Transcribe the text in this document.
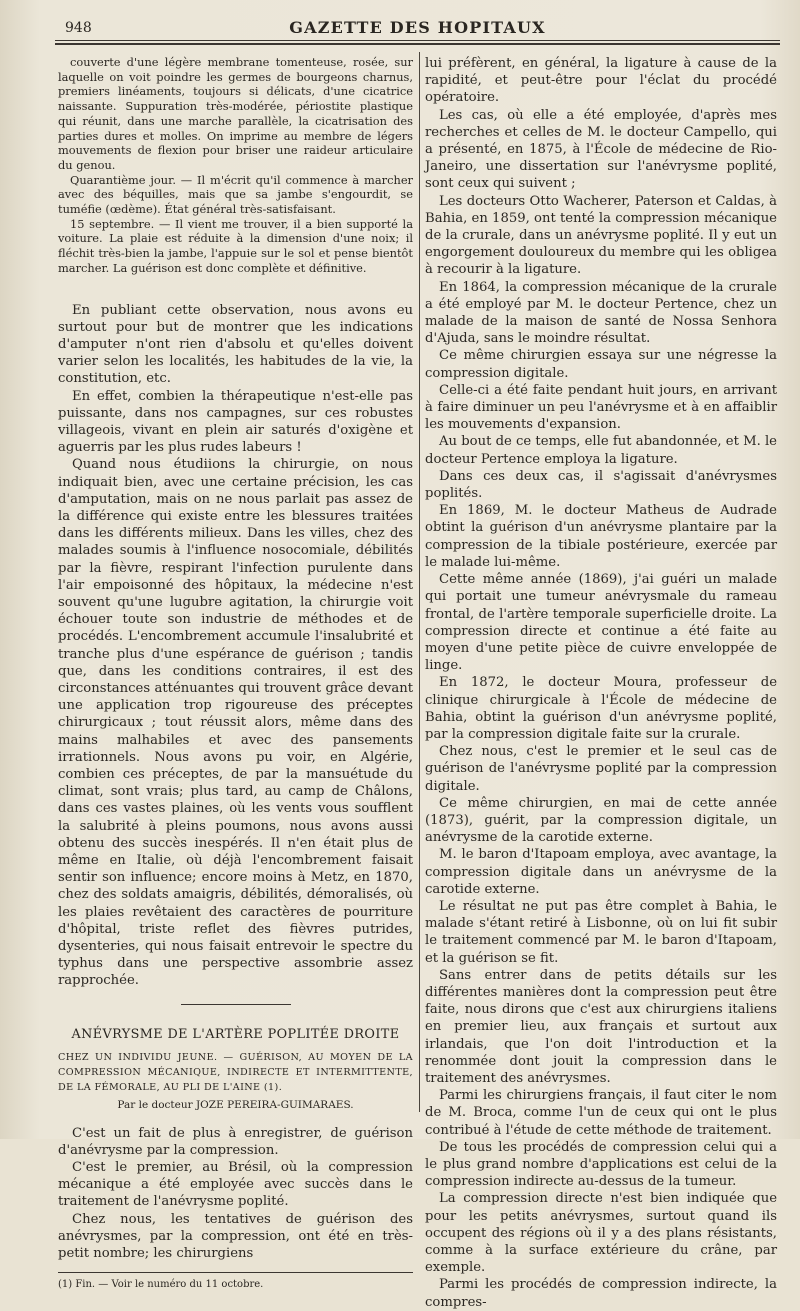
948	GAZETTE DES HOPITAUX

couverte d'une légère membrane tomenteuse, rosée, sur laquelle on voit poindre les germes de bourgeons charnus, premiers linéaments, toujours si délicats, d'une cicatrice naissante. Suppuration très-modérée, périostite plastique qui réunit, dans une marche parallèle, la cicatrisation des parties dures et molles. On imprime au membre de légers mouvements de flexion pour briser une raideur articulaire du genou.

Quarantième jour. — Il m'écrit qu'il commence à marcher avec des béquilles, mais que sa jambe s'engourdit, se tuméfie (œdème). État général très-satisfaisant.

15 septembre. — Il vient me trouver, il a bien supporté la voiture. La plaie est réduite à la dimension d'une noix; il fléchit très-bien la jambe, l'appuie sur le sol et pense bientôt marcher. La guérison est donc complète et définitive.

En publiant cette observation, nous avons eu surtout pour but de montrer que les indications d'amputer n'ont rien d'absolu et qu'elles doivent varier selon les localités, les habitudes de la vie, la constitution, etc.

En effet, combien la thérapeutique n'est-elle pas puissante, dans nos campagnes, sur ces robustes villageois, vivant en plein air saturés d'oxigène et aguerris par les plus rudes labeurs !

Quand nous étudiions la chirurgie, on nous indiquait bien, avec une certaine précision, les cas d'amputation, mais on ne nous parlait pas assez de la différence qui existe entre les blessures traitées dans les différents milieux. Dans les villes, chez des malades soumis à l'influence nosocomiale, débilités par la fièvre, respirant l'infection purulente dans l'air empoisonné des hôpitaux, la médecine n'est souvent qu'une lugubre agitation, la chirurgie voit échouer toute son industrie de méthodes et de procédés. L'encombrement accumule l'insalubrité et tranche plus d'une espérance de guérison ; tandis que, dans les conditions contraires, il est des circonstances atténuantes qui trouvent grâce devant une application trop rigoureuse des préceptes chirurgicaux ; tout réussit alors, même dans des mains malhabiles et avec des pansements irrationnels. Nous avons pu voir, en Algérie, combien ces préceptes, de par la mansuétude du climat, sont vrais; plus tard, au camp de Châlons, dans ces vastes plaines, où les vents vous soufflent la salubrité à pleins poumons, nous avons aussi obtenu des succès inespérés. Il n'en était plus de même en Italie, où déjà l'encombrement faisait sentir son influence; encore moins à Metz, en 1870, chez des soldats amaigris, débilités, démoralisés, où les plaies revêtaient des caractères de pourriture d'hôpital, triste reflet des fièvres putrides, dysenteries, qui nous faisait entrevoir le spectre du typhus dans une perspective assombrie assez rapprochée.

ANÉVRYSME DE L'ARTÈRE POPLITÉE DROITE
CHEZ UN INDIVIDU JEUNE. — GUÉRISON, AU MOYEN DE LA COMPRESSION MÉCANIQUE, INDIRECTE ET INTERMITTENTE, DE LA FÉMORALE, AU PLI DE L'AINE (1).
Par le docteur JOZE PEREIRA-GUIMARAES.

C'est un fait de plus à enregistrer, de guérison d'anévrysme par la compression.

C'est le premier, au Brésil, où la compression mécanique a été employée avec succès dans le traitement de l'anévrysme poplité.

Chez nous, les tentatives de guérison des anévrysmes, par la compression, ont été en très-petit nombre; les chirurgiens

(1) Fin. — Voir le numéro du 11 octobre.

lui préfèrent, en général, la ligature à cause de la rapidité, et peut-être pour l'éclat du procédé opératoire.

Les cas, où elle a été employée, d'après mes recherches et celles de M. le docteur Campello, qui a présenté, en 1875, à l'École de médecine de Rio-Janeiro, une dissertation sur l'anévrysme poplité, sont ceux qui suivent ;

Les docteurs Otto Wacherer, Paterson et Caldas, à Bahia, en 1859, ont tenté la compression mécanique de la crurale, dans un anévrysme poplité. Il y eut un engorgement douloureux du membre qui les obligea à recourir à la ligature.

En 1864, la compression mécanique de la crurale a été employé par M. le docteur Pertence, chez un malade de la maison de santé de Nossa Senhora d'Ajuda, sans le moindre résultat.

Ce même chirurgien essaya sur une négresse la compression digitale.

Celle-ci a été faite pendant huit jours, en arrivant à faire diminuer un peu l'anévrysme et à en affaiblir les mouvements d'expansion.

Au bout de ce temps, elle fut abandonnée, et M. le docteur Pertence employa la ligature.

Dans ces deux cas, il s'agissait d'anévrysmes poplités.

En 1869, M. le docteur Matheus de Audrade obtint la guérison d'un anévrysme plantaire par la compression de la tibiale postérieure, exercée par le malade lui-même.

Cette même année (1869), j'ai guéri un malade qui portait une tumeur anévrysmale du rameau frontal, de l'artère temporale superficielle droite. La compression directe et continue a été faite au moyen d'une petite pièce de cuivre enveloppée de linge.

En 1872, le docteur Moura, professeur de clinique chirurgicale à l'École de médecine de Bahia, obtint la guérison d'un anévrysme poplité, par la compression digitale faite sur la crurale.

Chez nous, c'est le premier et le seul cas de guérison de l'anévrysme poplité par la compression digitale.

Ce même chirurgien, en mai de cette année (1873), guérit, par la compression digitale, un anévrysme de la carotide externe.

M. le baron d'Itapoam employa, avec avantage, la compression digitale dans un anévrysme de la carotide externe.

Le résultat ne put pas être complet à Bahia, le malade s'étant retiré à Lisbonne, où on lui fit subir le traitement commencé par M. le baron d'Itapoam, et la guérison se fit.

Sans entrer dans de petits détails sur les différentes manières dont la compression peut être faite, nous dirons que c'est aux chirurgiens italiens en premier lieu, aux français et surtout aux irlandais, que l'on doit l'introduction et la renommée dont jouit la compression dans le traitement des anévrysmes.

Parmi les chirurgiens français, il faut citer le nom de M. Broca, comme l'un de ceux qui ont le plus contribué à l'étude de cette méthode de traitement.

De tous les procédés de compression celui qui a le plus grand nombre d'applications est celui de la compression indirecte au-dessus de la tumeur.

La compression directe n'est bien indiquée que pour les petits anévrysmes, surtout quand ils occupent des régions où il y a des plans résistants, comme à la surface extérieure du crâne, par exemple.

Parmi les procédés de compression indirecte, la compres-
